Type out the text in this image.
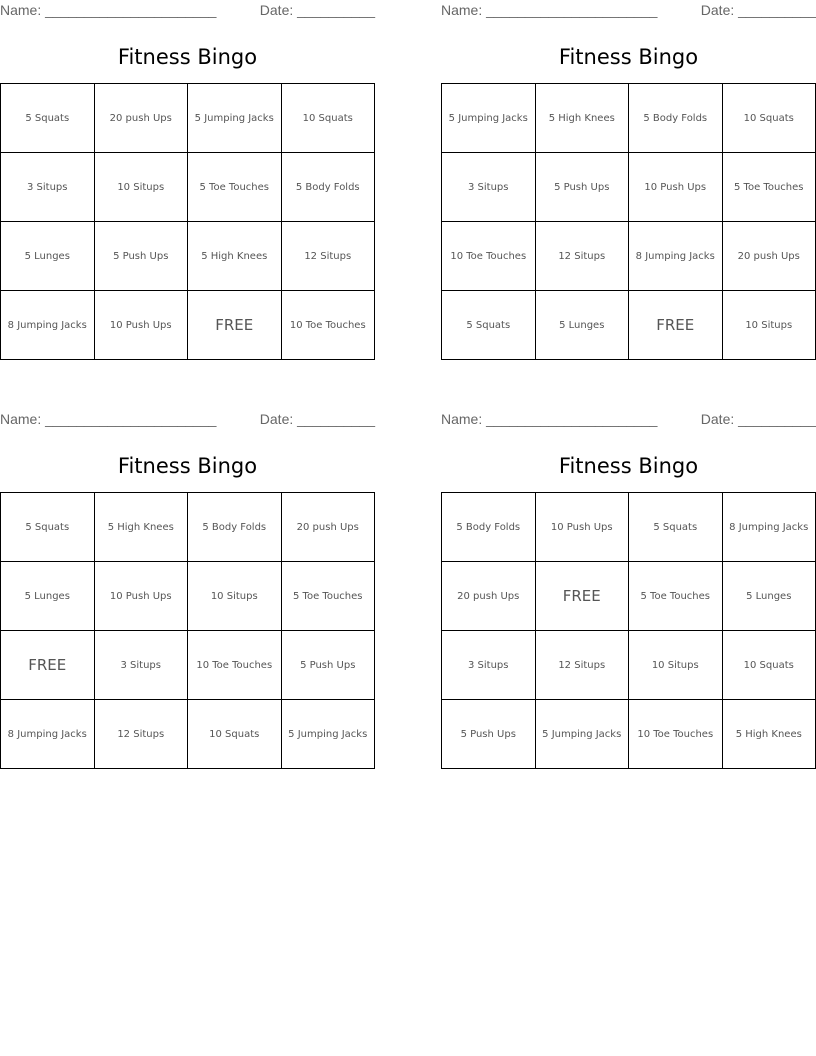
Name: ______________________	Date: __________
Fitness Bingo
5 Squats	20 push Ups	5 Jumping Jacks	10 Squats
3 Situps	10 Situps	5 Toe Touches	5 Body Folds
5 Lunges	5 Push Ups	5 High Knees	12 Situps
8 Jumping Jacks	10 Push Ups	FREE	10 Toe Touches
Name: ______________________	Date: __________
Fitness Bingo
5 Jumping Jacks	5 High Knees	5 Body Folds	10 Squats
3 Situps	5 Push Ups	10 Push Ups	5 Toe Touches
10 Toe Touches	12 Situps	8 Jumping Jacks	20 push Ups
5 Squats	5 Lunges	FREE	10 Situps
Name: ______________________	Date: __________
Fitness Bingo
5 Squats	5 High Knees	5 Body Folds	20 push Ups
5 Lunges	10 Push Ups	10 Situps	5 Toe Touches
FREE	3 Situps	10 Toe Touches	5 Push Ups
8 Jumping Jacks	12 Situps	10 Squats	5 Jumping Jacks
Name: ______________________	Date: __________
Fitness Bingo
5 Body Folds	10 Push Ups	5 Squats	8 Jumping Jacks
20 push Ups	FREE	5 Toe Touches	5 Lunges
3 Situps	12 Situps	10 Situps	10 Squats
5 Push Ups	5 Jumping Jacks	10 Toe Touches	5 High Knees
